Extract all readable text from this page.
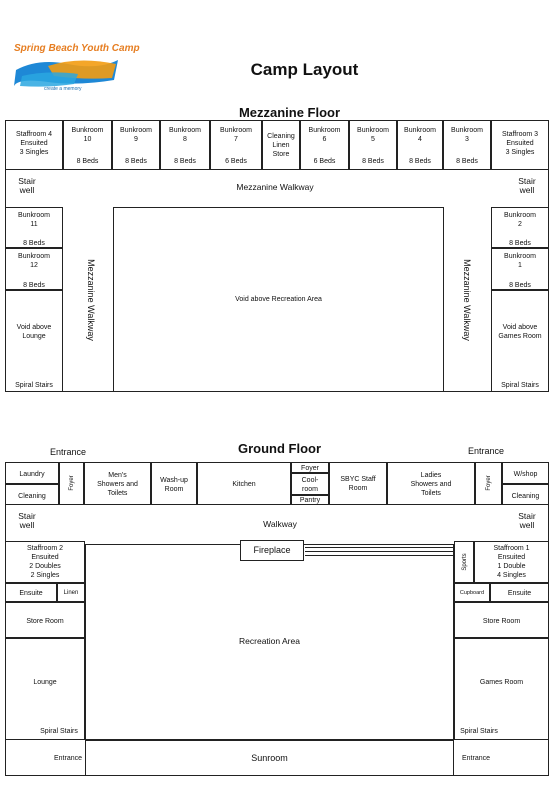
Spring Beach Youth Camp
create a memory
Camp Layout
Mezzanine Floor
Staffroom 4
Ensuited
3 Singles
Bunkroom
10
8 Beds
Bunkroom
9
8 Beds
Bunkroom
8
8 Beds
Bunkroom
7
6 Beds
Cleaning
Linen
Store
Bunkroom
6
6 Beds
Bunkroom
5
8 Beds
Bunkroom
4
8 Beds
Bunkroom
3
8 Beds
Staffroom 3
Ensuited
3 Singles
Stair
well
Stair
well
Mezzanine Walkway
Bunkroom
11
8 Beds
Bunkroom
12
8 Beds
Void above
Lounge
Spiral Stairs
Bunkroom
2
8 Beds
Bunkroom
1
8 Beds
Void above
Games Room
Spiral Stairs
Mezzanine Walkway	Mezzanine Walkway
Void above Recreation Area
Ground Floor
Entrance	Entrance
Laundry
Cleaning
Foyer	Men's
Showers and
Toilets
Wash-up
Room
Kitchen
Foyer
Cool-
room
Pantry
SBYC Staff
Room
Ladies
Showers and
Toilets
Foyer
W/shop
Cleaning
Stair
well
Stair
well
Walkway
Staffroom 2
Ensuited
2 Doubles
2 Singles
Ensuite	Linen
Store Room
Lounge
Spiral Stairs
Staffroom 1
Ensuited
1 Double
4 Singles
Sports
Cupboard	Ensuite
Store Room
Games Room
Spiral Stairs
Recreation Area
Fireplace
Entrance	Entrance
Sunroom
